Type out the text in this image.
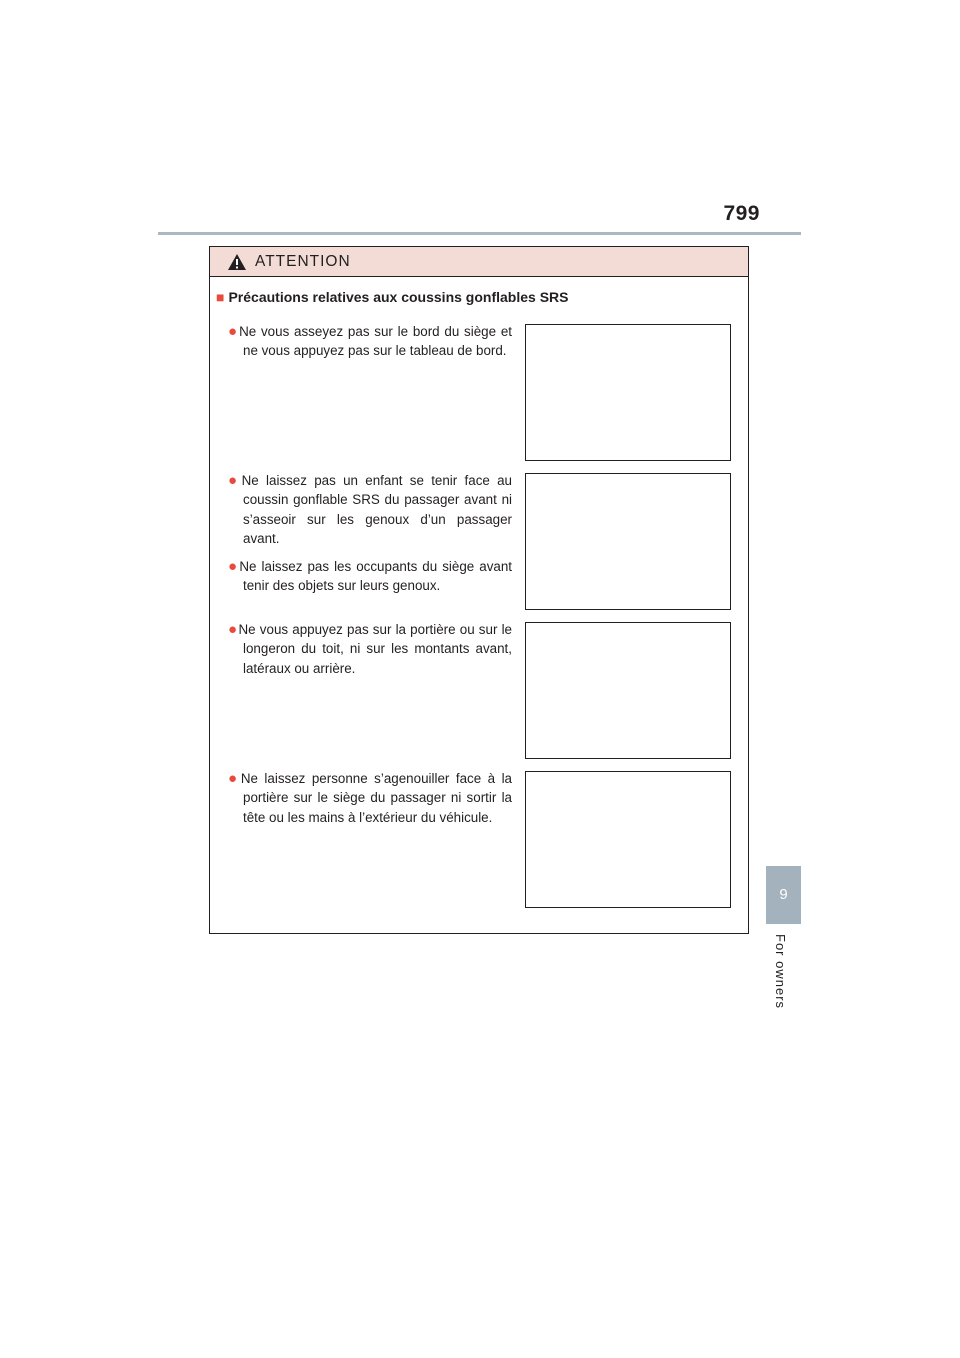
799
9
For owners
ATTENTION
■ Précautions relatives aux coussins gonflables SRS

●Ne vous asseyez pas sur le bord du siège et ne vous appuyez pas sur le tableau de bord.

●Ne laissez pas un enfant se tenir face au coussin gonflable SRS du passager avant ni s’asseoir sur les genoux d’un passager avant.

●Ne laissez pas les occupants du siège avant tenir des objets sur leurs genoux.

●Ne vous appuyez pas sur la portière ou sur le longeron du toit, ni sur les montants avant, latéraux ou arrière.

●Ne laissez personne s’agenouiller face à la portière sur le siège du passager ni sortir la tête ou les mains à l’extérieur du véhicule.
